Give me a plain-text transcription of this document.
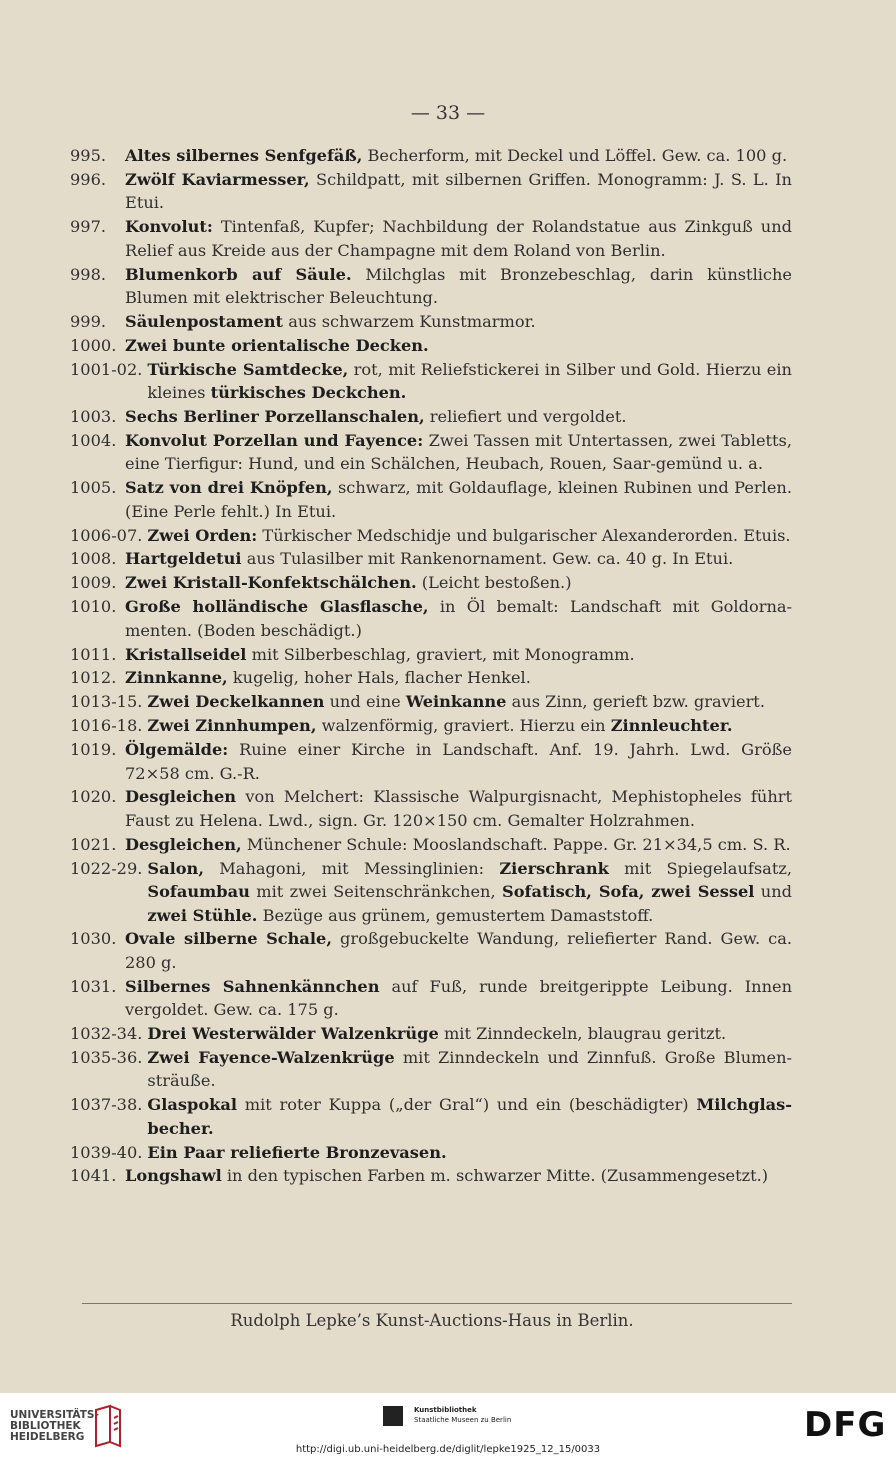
— 33 —
995.	Altes silbernes Senfgefäß, Becherform, mit Deckel und Löffel. Gew. ca. 100 g.
996.	Zwölf Kaviarmesser, Schildpatt, mit silbernen Griffen. Monogramm: J. S. L. In Etui.
997.	Konvolut: Tintenfaß, Kupfer; Nachbildung der Rolandstatue aus Zinkguß und Relief aus Kreide aus der Champagne mit dem Roland von Berlin.
998.	Blumenkorb auf Säule. Milchglas mit Bronzebeschlag, darin künstliche Blumen mit elektrischer Beleuchtung.
999.	Säulenpostament aus schwarzem Kunstmarmor.
1000. Zwei bunte orientalische Decken.
1001-02. Türkische Samtdecke, rot, mit Reliefstickerei in Silber und Gold. Hierzu ein kleines türkisches Deckchen.
1003. Sechs Berliner Porzellanschalen, reliefiert und vergoldet.
1004. Konvolut Porzellan und Fayence: Zwei Tassen mit Untertassen, zwei Tabletts, eine Tierfigur: Hund, und ein Schälchen, Heubach, Rouen, Saar-gemünd u. a.
1005. Satz von drei Knöpfen, schwarz, mit Goldauflage, kleinen Rubinen und Perlen. (Eine Perle fehlt.) In Etui.
1006-07. Zwei Orden: Türkischer Medschidje und bulgarischer Alexanderorden. Etuis.
1008. Hartgeldetui aus Tulasilber mit Rankenornament. Gew. ca. 40 g. In Etui.
1009. Zwei Kristall-Konfektschälchen. (Leicht bestoßen.)
1010. Große holländische Glasflasche, in Öl bemalt: Landschaft mit Goldorna-menten. (Boden beschädigt.)
1011. Kristallseidel mit Silberbeschlag, graviert, mit Monogramm.
1012. Zinnkanne, kugelig, hoher Hals, flacher Henkel.
1013-15. Zwei Deckelkannen und eine Weinkanne aus Zinn, gerieft bzw. graviert.
1016-18. Zwei Zinnhumpen, walzenförmig, graviert. Hierzu ein Zinnleuchter.
1019. Ölgemälde: Ruine einer Kirche in Landschaft. Anf. 19. Jahrh. Lwd. Größe 72×58 cm. G.-R.
1020. Desgleichen von Melchert: Klassische Walpurgisnacht, Mephistopheles führt Faust zu Helena. Lwd., sign. Gr. 120×150 cm. Gemalter Holzrahmen.
1021. Desgleichen, Münchener Schule: Mooslandschaft. Pappe. Gr. 21×34,5 cm. S. R.
1022-29. Salon, Mahagoni, mit Messinglinien: Zierschrank mit Spiegelaufsatz, Sofaumbau mit zwei Seitenschränkchen, Sofatisch, Sofa, zwei Sessel und zwei Stühle. Bezüge aus grünem, gemustertem Damaststoff.
1030. Ovale silberne Schale, großgebuckelte Wandung, reliefierter Rand. Gew. ca. 280 g.
1031. Silbernes Sahnenkännchen auf Fuß, runde breitgerippte Leibung. Innen vergoldet. Gew. ca. 175 g.
1032-34. Drei Westerwälder Walzenkrüge mit Zinndeckeln, blaugrau geritzt.
1035-36. Zwei Fayence-Walzenkrüge mit Zinndeckeln und Zinnfuß. Große Blumen-sträuße.
1037-38. Glaspokal mit roter Kuppa („der Gral“) und ein (beschädigter) Milchglas-becher.
1039-40. Ein Paar reliefierte Bronzevasen.
1041. Longshawl in den typischen Farben m. schwarzer Mitte. (Zusammengesetzt.)
Rudolph Lepke’s Kunst-Auctions-Haus in Berlin.
UNIVERSITÄTS-
BIBLIOTHEK
HEIDELBERG
Kunstbibliothek
Staatliche Museen zu Berlin	DFG
http://digi.ub.uni-heidelberg.de/diglit/lepke1925_12_15/0033
